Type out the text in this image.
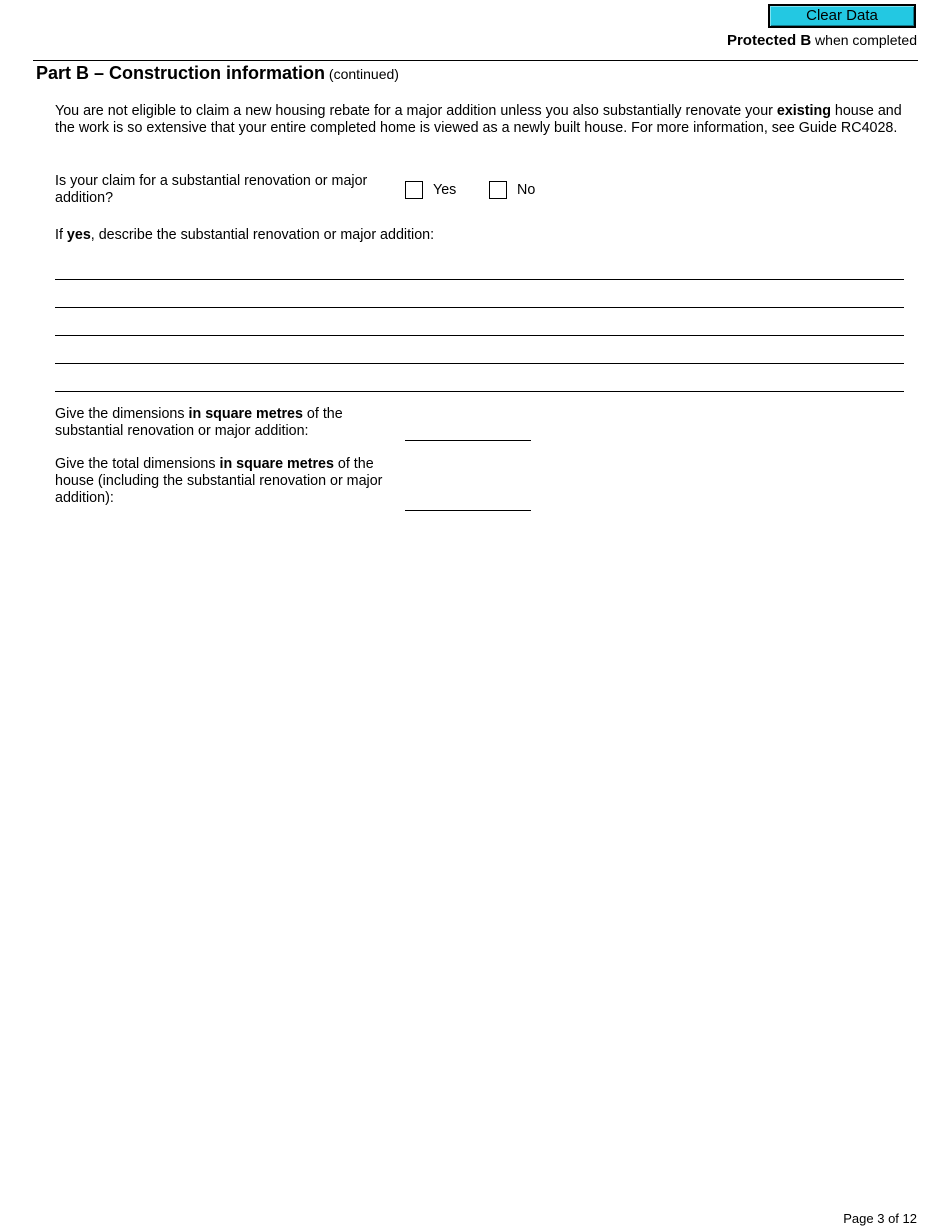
Clear Data
Protected B when completed
Part B – Construction information (continued)
You are not eligible to claim a new housing rebate for a major addition unless you also substantially renovate your existing house and the work is so extensive that your entire completed home is viewed as a newly built house. For more information, see Guide RC4028.
Is your claim for a substantial renovation or major addition?	Yes	No
If yes, describe the substantial renovation or major addition:
Give the dimensions in square metres of the substantial renovation or major addition:
Give the total dimensions in square metres of the house (including the substantial renovation or major addition):
Page 3 of 12
